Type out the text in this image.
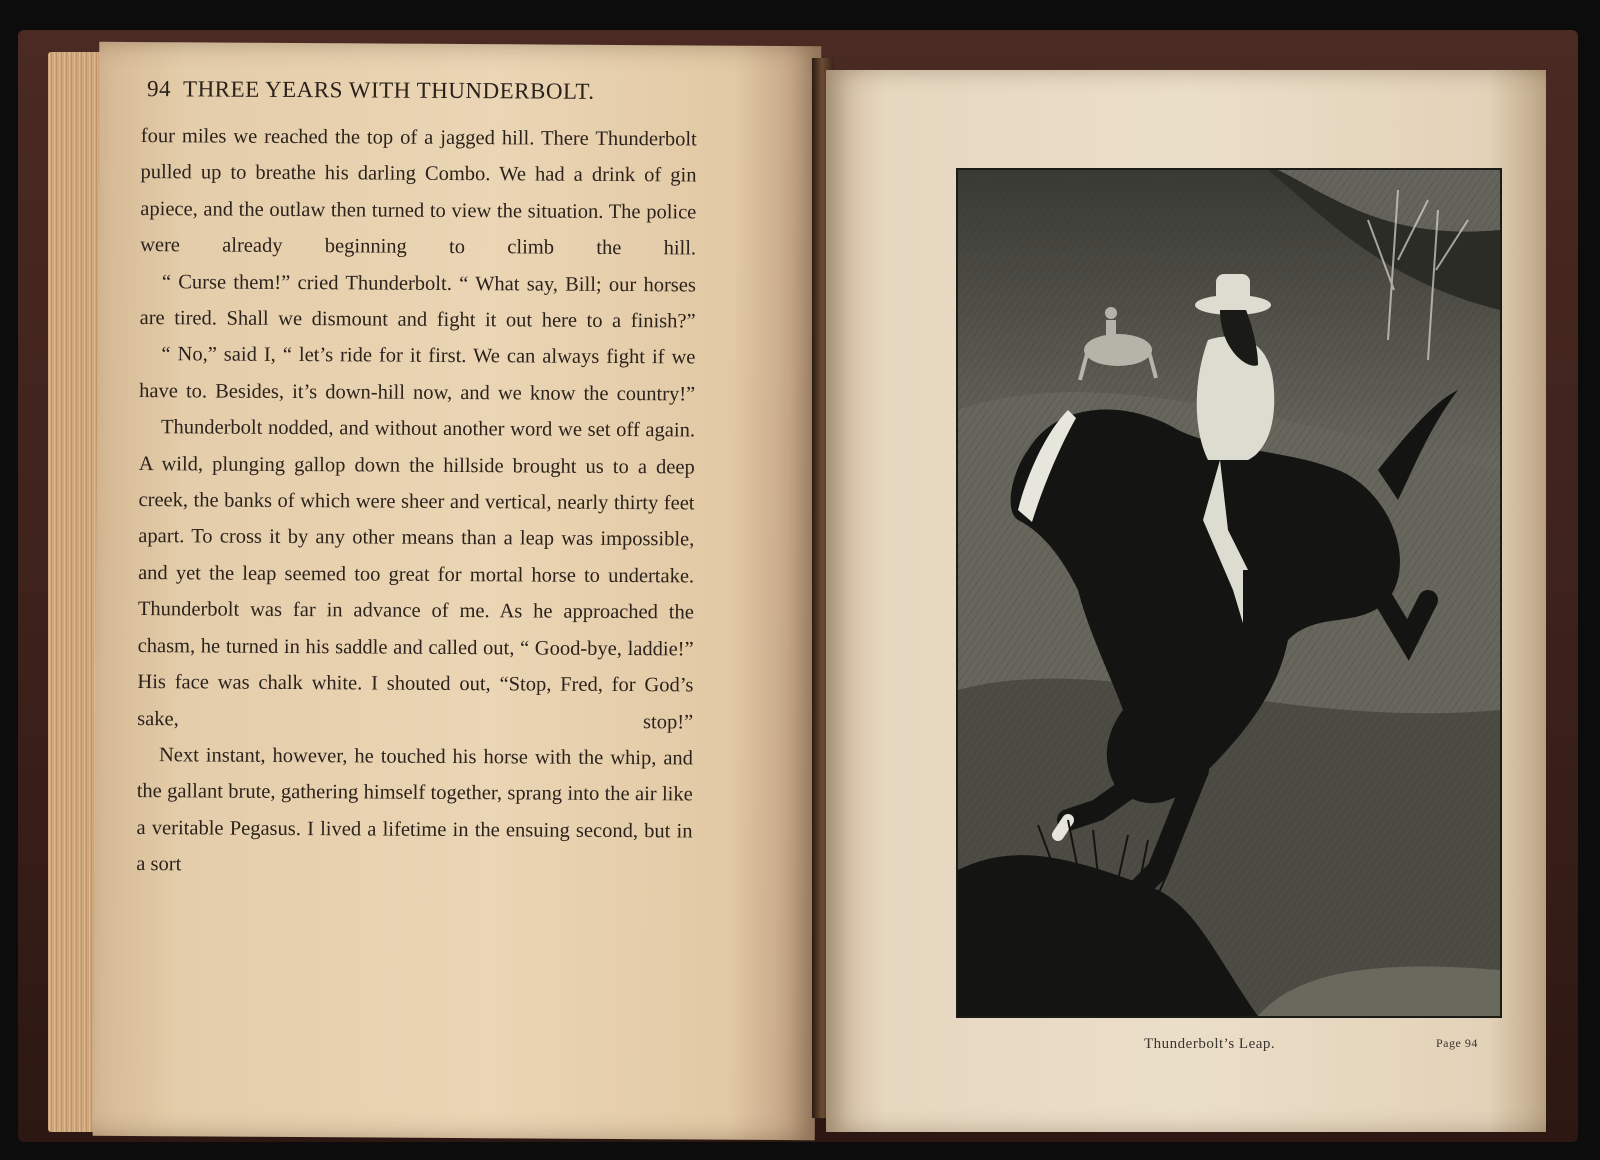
94 THREE YEARS WITH THUNDERBOLT.

four miles we reached the top of a jagged hill. There Thunderbolt pulled up to breathe his darling Combo. We had a drink of gin apiece, and the outlaw then turned to view the situation. The police were already beginning to climb the hill.

“ Curse them!” cried Thunderbolt. “ What say, Bill; our horses are tired. Shall we dismount and fight it out here to a finish?”

“ No,” said I, “ let’s ride for it first. We can always fight if we have to. Besides, it’s down-hill now, and we know the country!”

Thunderbolt nodded, and without another word we set off again. A wild, plunging gallop down the hillside brought us to a deep creek, the banks of which were sheer and vertical, nearly thirty feet apart. To cross it by any other means than a leap was impossible, and yet the leap seemed too great for mortal horse to undertake. Thunderbolt was far in advance of me. As he approached the chasm, he turned in his saddle and called out, “ Good-bye, laddie!” His face was chalk white. I shouted out, “Stop, Fred, for God’s sake, stop!”

Next instant, however, he touched his horse with the whip, and the gallant brute, gathering himself together, sprang into the air like a veritable Pegasus. I lived a lifetime in the ensuing second, but in a sort

Thunderbolt’s Leap.	Page 94
